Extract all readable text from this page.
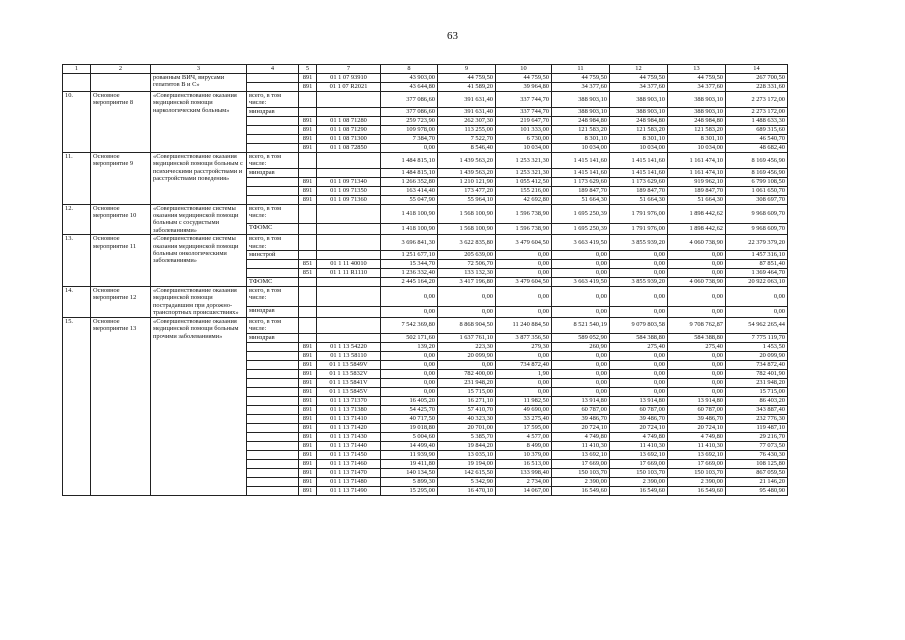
63
1	2	3	4	5	7	8	9	10	11	12	13	14
		рованным ВИЧ, вирусами гепатитов В и С»		891	01 1 07 93910	43 903,00	44 759,50	44 759,50	44 759,50	44 759,50	44 759,50	267 700,50
				891	01 1 07 R2021	43 644,80	41 589,20	39 964,80	34 377,60	34 377,60	34 377,60	228 331,60
10.	Основное мероприятие 8	«Совершенствование оказания медицинской помощи наркологическим больным»	всего, в том числе:			377 086,60	391 631,40	337 744,70	388 903,10	388 903,10	388 903,10	2 273 172,00
			минздрав			377 086,60	391 631,40	337 744,70	388 903,10	388 903,10	388 903,10	2 273 172,00
				891	01 1 08 71280	259 723,90	262 307,30	219 647,70	248 984,80	248 984,80	248 984,80	1 488 633,30
				891	01 1 08 71290	109 978,00	113 255,00	101 333,00	121 583,20	121 583,20	121 583,20	689 315,60
				891	01 1 08 71300	7 384,70	7 522,70	6 730,00	8 301,10	8 301,10	8 301,10	46 540,70
				891	01 1 08 72850	0,00	8 546,40	10 034,00	10 034,00	10 034,00	10 034,00	48 682,40
11.	Основное мероприятие 9	«Совершенствование оказания медицинской помощи больным с психическими расстройствами и расстройствами поведения»	всего, в том числе:			1 484 815,10	1 439 563,20	1 253 321,30	1 415 141,60	1 415 141,60	1 161 474,10	8 169 456,90
			минздрав			1 484 815,10	1 439 563,20	1 253 321,30	1 415 141,60	1 415 141,60	1 161 474,10	8 169 456,90
				891	01 1 09 71340	1 266 352,80	1 210 121,90	1 055 412,50	1 173 629,60	1 173 629,60	919 962,10	6 799 108,50
				891	01 1 09 71350	163 414,40	173 477,20	155 216,00	189 847,70	189 847,70	189 847,70	1 061 650,70
				891	01 1 09 71360	55 047,90	55 964,10	42 692,80	51 664,30	51 664,30	51 664,30	308 697,70
12.	Основное мероприятие 10	«Совершенствование системы оказания медицинской помощи больным с сосудистыми заболеваниями»	всего, в том числе:			1 418 100,90	1 568 100,90	1 596 738,90	1 695 250,39	1 791 976,00	1 898 442,62	9 968 609,70
			ТФОМС			1 418 100,90	1 568 100,90	1 596 738,90	1 695 250,39	1 791 976,00	1 898 442,62	9 968 609,70
13.	Основное мероприятие 11	«Совершенствование системы оказания медицинской помощи больным онкологическими заболеваниями»	всего, в том числе:			3 696 841,30	3 622 835,80	3 479 604,50	3 663 419,50	3 855 939,20	4 060 738,90	22 379 379,20
			минстрой			1 251 677,10	205 639,00	0,00	0,00	0,00	0,00	1 457 316,10
				851	01 1 11 40010	15 344,70	72 506,70	0,00	0,00	0,00	0,00	87 851,40
				851	01 1 11 R1110	1 236 332,40	133 132,30	0,00	0,00	0,00	0,00	1 369 464,70
			ТФОМС			2 445 164,20	3 417 196,80	3 479 604,50	3 663 419,50	3 855 939,20	4 060 738,90	20 922 063,10
14.	Основное мероприятие 12	«Совершенствование оказания медицинской помощи пострадавшим при дорожно-транспортных происшествиях»	всего, в том числе:			0,00	0,00	0,00	0,00	0,00	0,00	0,00
			минздрав			0,00	0,00	0,00	0,00	0,00	0,00	0,00
15.	Основное мероприятие 13	«Совершенствование оказания медицинской помощи больным прочими заболеваниями»	всего, в том числе:			7 542 369,80	8 868 904,50	11 240 884,50	8 521 540,19	9 079 803,58	9 708 762,87	54 962 265,44
			минздрав			502 171,60	1 637 761,10	3 877 356,50	589 052,90	584 388,80	584 388,80	7 775 119,70
				891	01 1 13 54220	139,20	223,30	279,30	260,90	275,40	275,40	1 453,50
				891	01 1 13 58110	0,00	20 099,90	0,00	0,00	0,00	0,00	20 099,90
				891	01 1 13 5849V	0,00	0,00	734 872,40	0,00	0,00	0,00	734 872,40
				891	01 1 13 5832V	0,00	782 400,00	1,90	0,00	0,00	0,00	782 401,90
				891	01 1 13 5841V	0,00	231 948,20	0,00	0,00	0,00	0,00	231 948,20
				891	01 1 13 5845V	0,00	15 715,00	0,00	0,00	0,00	0,00	15 715,00
				891	01 1 13 71370	16 405,20	16 271,10	11 982,50	13 914,80	13 914,80	13 914,80	86 403,20
				891	01 1 13 71380	54 425,70	57 410,70	49 690,00	60 787,00	60 787,00	60 787,00	343 887,40
				891	01 1 13 71410	40 717,50	40 323,30	33 275,40	39 486,70	39 486,70	39 486,70	232 776,30
				891	01 1 13 71420	19 018,80	20 701,00	17 595,00	20 724,10	20 724,10	20 724,10	119 487,10
				891	01 1 13 71430	5 004,60	5 385,70	4 577,00	4 749,80	4 749,80	4 749,80	29 216,70
				891	01 1 13 71440	14 499,40	19 844,20	8 499,00	11 410,30	11 410,30	11 410,30	77 073,50
				891	01 1 13 71450	11 939,90	13 035,10	10 379,00	13 692,10	13 692,10	13 692,10	76 430,30
				891	01 1 13 71460	19 411,80	19 194,00	16 513,00	17 669,00	17 669,00	17 669,00	108 125,80
				891	01 1 13 71470	140 134,50	142 615,50	133 998,40	150 103,70	150 103,70	150 103,70	867 059,50
				891	01 1 13 71480	5 899,30	5 342,90	2 734,00	2 390,00	2 390,00	2 390,00	21 146,20
				891	01 1 13 71490	15 295,00	16 470,10	14 067,00	16 549,60	16 549,60	16 549,60	95 480,90
